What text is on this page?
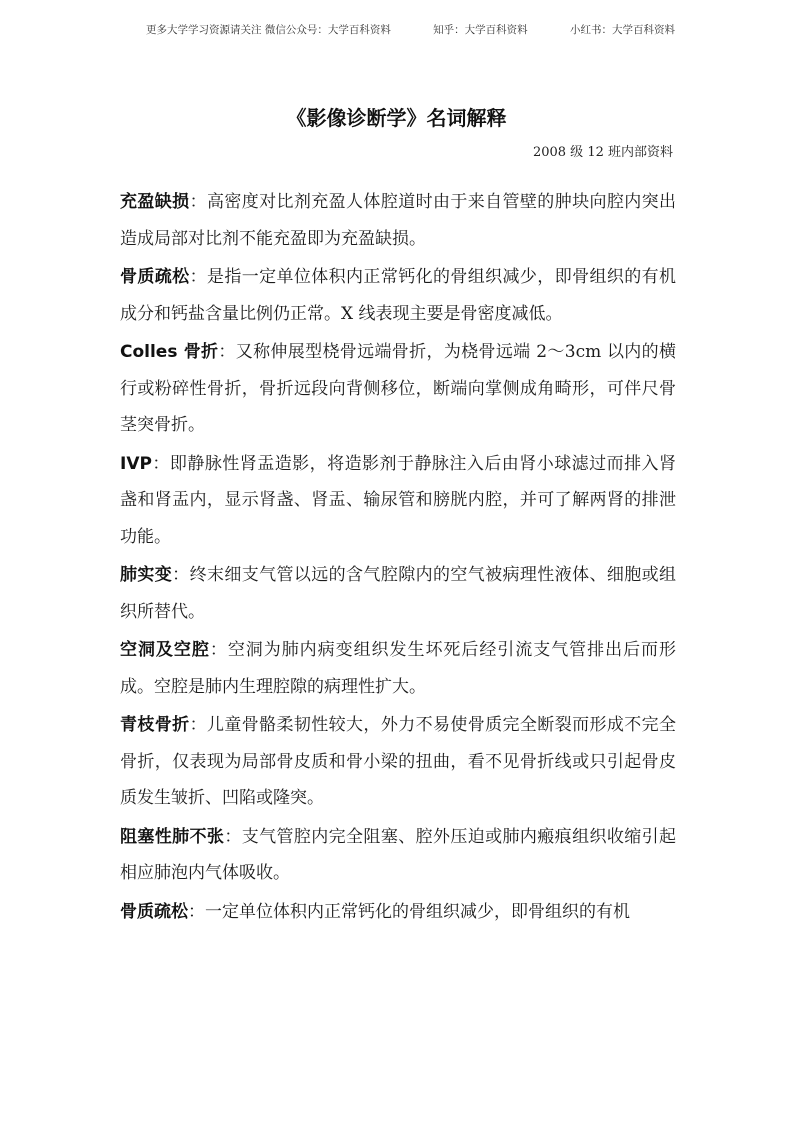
更多大学学习资源请关注 微信公众号：大学百科资料	知乎：大学百科资料	小红书：大学百科资料
《影像诊断学》名词解释
2008 级 12 班内部资料

充盈缺损：高密度对比剂充盈人体腔道时由于来自管壁的肿块向腔内突出造成局部对比剂不能充盈即为充盈缺损。

骨质疏松：是指一定单位体积内正常钙化的骨组织减少，即骨组织的有机成分和钙盐含量比例仍正常。X 线表现主要是骨密度减低。

Colles 骨折：又称伸展型桡骨远端骨折，为桡骨远端 2～3cm 以内的横行或粉碎性骨折，骨折远段向背侧移位，断端向掌侧成角畸形，可伴尺骨茎突骨折。

IVP：即静脉性肾盂造影，将造影剂于静脉注入后由肾小球滤过而排入肾盏和肾盂内，显示肾盏、肾盂、输尿管和膀胱内腔，并可了解两肾的排泄功能。

肺实变：终末细支气管以远的含气腔隙内的空气被病理性液体、细胞或组织所替代。

空洞及空腔：空洞为肺内病变组织发生坏死后经引流支气管排出后而形成。空腔是肺内生理腔隙的病理性扩大。

青枝骨折：儿童骨骼柔韧性较大，外力不易使骨质完全断裂而形成不完全骨折，仅表现为局部骨皮质和骨小梁的扭曲，看不见骨折线或只引起骨皮质发生皱折、凹陷或隆突。

阻塞性肺不张：支气管腔内完全阻塞、腔外压迫或肺内瘢痕组织收缩引起相应肺泡内气体吸收。

骨质疏松：一定单位体积内正常钙化的骨组织减少，即骨组织的有机
